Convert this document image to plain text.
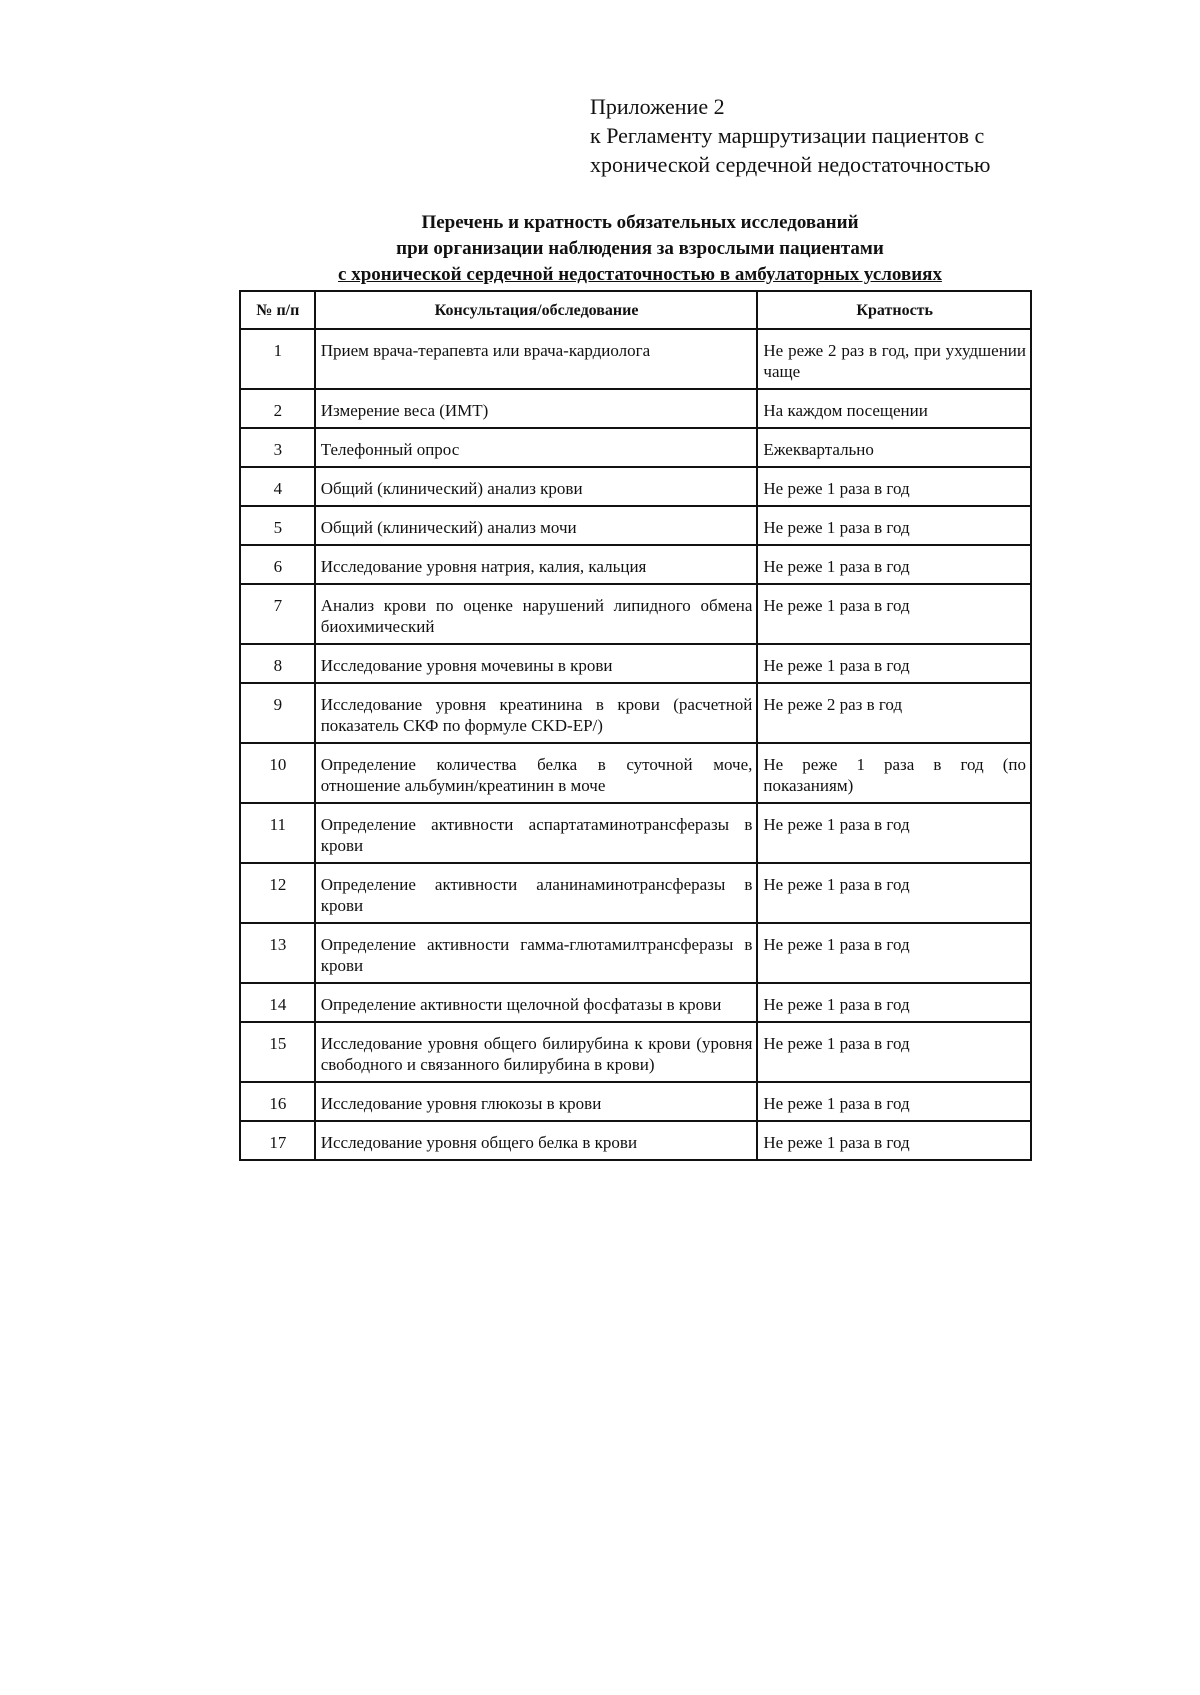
Приложение 2
к Регламенту маршрутизации пациентов с
хронической сердечной недостаточностью
Перечень и кратность обязательных исследований
при организации наблюдения за взрослыми пациентами
с хронической сердечной недостаточностью в амбулаторных условиях
№ п/п	Консультация/обследование	Кратность
1	Прием врача-терапевта или врача-кардиолога	Не реже 2 раз в год, при ухудшении чаще
2	Измерение веса (ИМТ)	На каждом посещении
3	Телефонный опрос	Ежеквартально
4	Общий (клинический) анализ крови	Не реже 1 раза в год
5	Общий (клинический) анализ мочи	Не реже 1 раза в год
6	Исследование уровня натрия, калия, кальция	Не реже 1 раза в год
7	Анализ крови по оценке нарушений липидного обмена биохимический	Не реже 1 раза в год
8	Исследование уровня мочевины в крови	Не реже 1 раза в год
9	Исследование уровня креатинина в крови (расчетной показатель СКФ по формуле CKD-EP/)	Не реже 2 раз в год
10	Определение количества белка в суточной моче, отношение альбумин/креатинин в моче	Не реже 1 раза в год (по показаниям)
11	Определение активности аспартатаминотрансферазы в крови	Не реже 1 раза в год
12	Определение активности аланинаминотрансферазы в крови	Не реже 1 раза в год
13	Определение активности гамма-глютамилтрансферазы в крови	Не реже 1 раза в год
14	Определение активности щелочной фосфатазы в крови	Не реже 1 раза в год
15	Исследование уровня общего билирубина к крови (уровня свободного и связанного билирубина в крови)	Не реже 1 раза в год
16	Исследование уровня глюкозы в крови	Не реже 1 раза в год
17	Исследование уровня общего белка в крови	Не реже 1 раза в год
